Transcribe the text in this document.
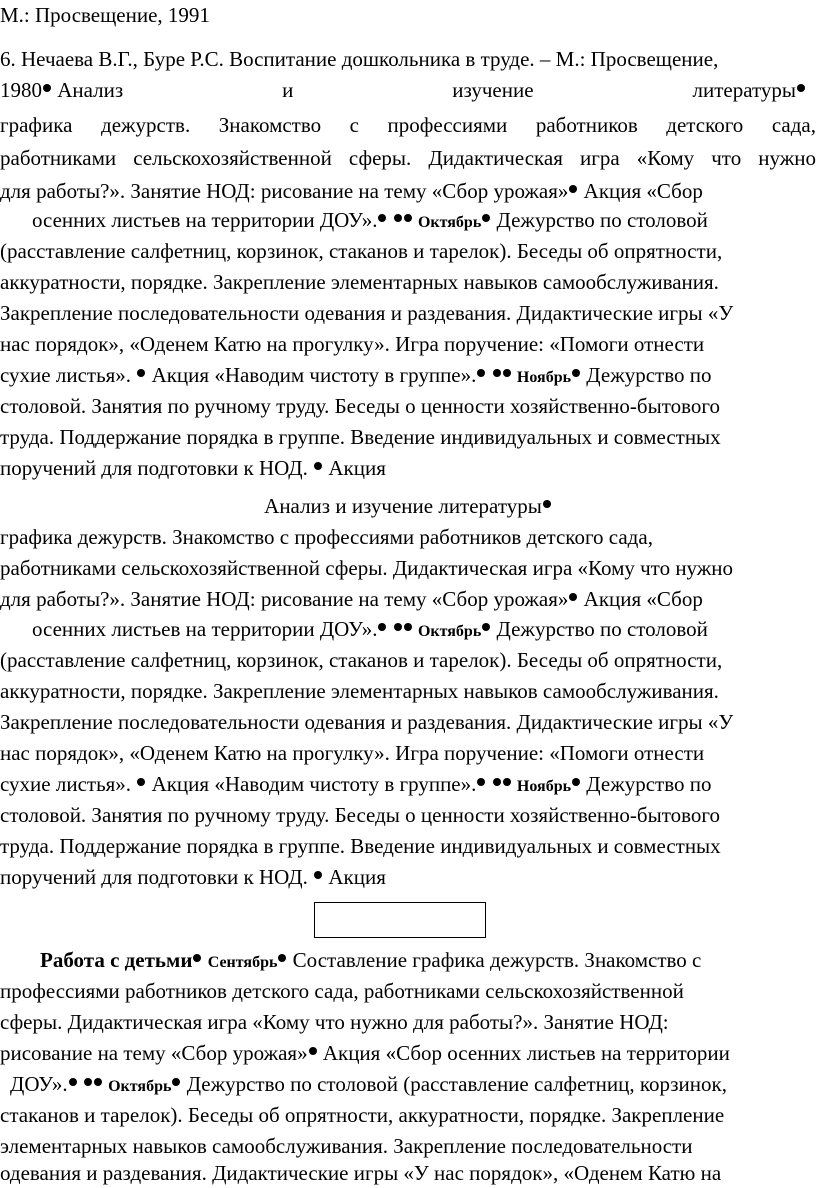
М.: Просвещение, 1991
6. Нечаева В.Г., Буре Р.С. Воспитание дошкольника в труде. – М.: Просвещение,
1980 Анализ	и	изучение	литературы
графика дежурств. Знакомство с профессиями работников детского сада,
работниками сельскохозяйственной сферы. Дидактическая игра «Кому что нужно
для работы?». Занятие НОД: рисование на тему «Сбор урожая» Акция «Сбор
осенних листьев на территории ДОУ».	Октябрь Дежурство по столовой
(расставление салфетниц, корзинок, стаканов и тарелок). Беседы об опрятности,
аккуратности, порядке. Закрепление элементарных навыков самообслуживания.
Закрепление последовательности одевания и раздевания. Дидактические игры «У
нас порядок», «Оденем Катю на прогулку». Игра поручение: «Помоги отнести
сухие листья». Акция «Наводим чистоту в группе».	Ноябрь Дежурство по
столовой. Занятия по ручному труду. Беседы о ценности хозяйственно-бытового
труда. Поддержание порядка в группе. Введение индивидуальных и совместных
поручений для подготовки к НОД. Акция
Анализ и изучение литературы
графика дежурств. Знакомство с профессиями работников детского сада,
работниками сельскохозяйственной сферы. Дидактическая игра «Кому что нужно
для работы?». Занятие НОД: рисование на тему «Сбор урожая» Акция «Сбор
осенних листьев на территории ДОУ».	Октябрь Дежурство по столовой
(расставление салфетниц, корзинок, стаканов и тарелок). Беседы об опрятности,
аккуратности, порядке. Закрепление элементарных навыков самообслуживания.
Закрепление последовательности одевания и раздевания. Дидактические игры «У
нас порядок», «Оденем Катю на прогулку». Игра поручение: «Помоги отнести
сухие листья». Акция «Наводим чистоту в группе».	Ноябрь Дежурство по
столовой. Занятия по ручному труду. Беседы о ценности хозяйственно-бытового
труда. Поддержание порядка в группе. Введение индивидуальных и совместных
поручений для подготовки к НОД. Акция
Работа с детьми Сентябрь Составление графика дежурств. Знакомство с
профессиями работников детского сада, работниками сельскохозяйственной
сферы. Дидактическая игра «Кому что нужно для работы?». Занятие НОД:
рисование на тему «Сбор урожая» Акция «Сбор осенних листьев на территории
ДОУ».	Октябрь Дежурство по столовой (расставление салфетниц, корзинок,
стаканов и тарелок). Беседы об опрятности, аккуратности, порядке. Закрепление
элементарных навыков самообслуживания. Закрепление последовательности
одевания и раздевания. Дидактические игры «У нас порядок», «Оденем Катю на
